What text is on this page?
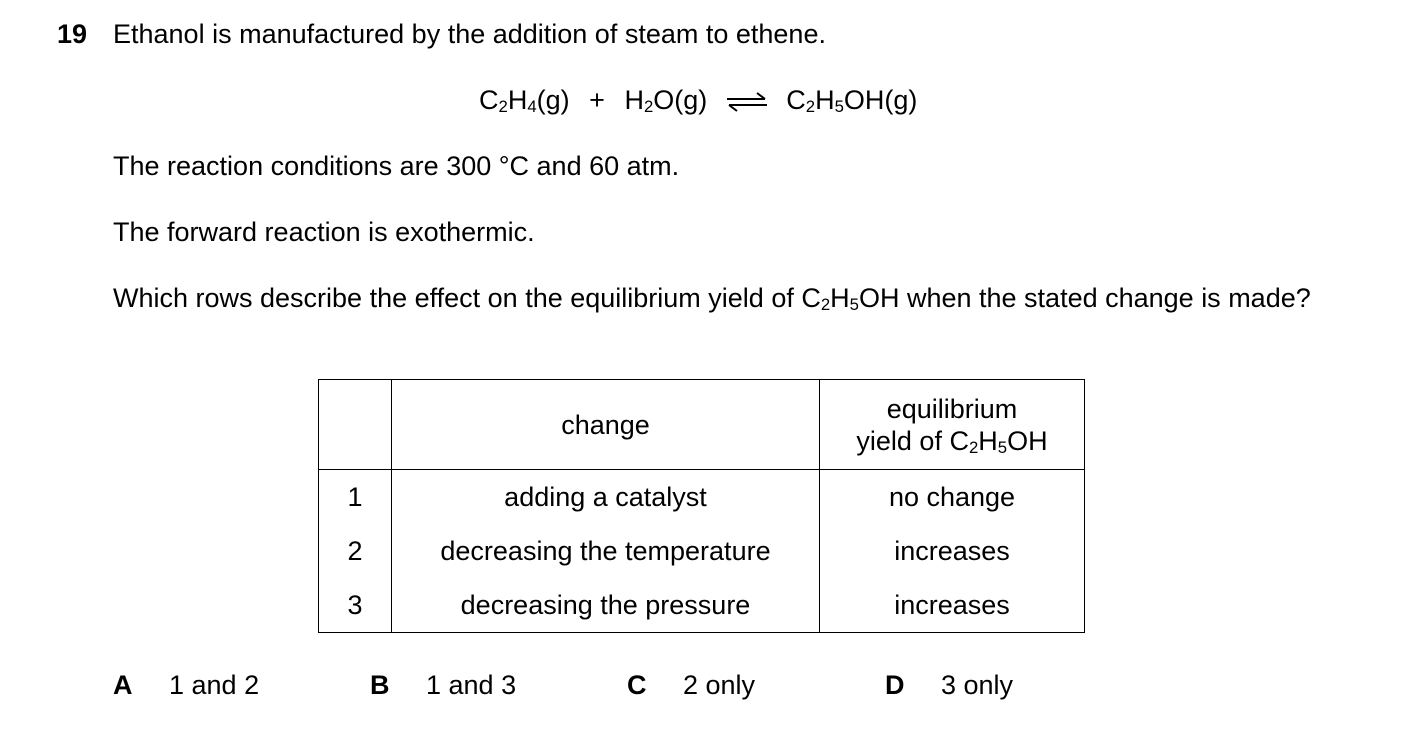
19 Ethanol is manufactured by the addition of steam to ethene.
$C_2H_4(g) + H_2O(g)$ ⇌ $C_2H_5OH(g)$
The reaction conditions are 300 °C and 60 atm.
The forward reaction is exothermic.
Which rows describe the effect on the equilibrium yield of $C_2H_5OH$ when the stated change is made?
	change	equilibrium
yield of $C_2H_5OH$
1	adding a catalyst	no change
2	decreasing the temperature	increases
3	decreasing the pressure	increases
A 1 and 2	B 1 and 3	C 2 only	D 3 only
